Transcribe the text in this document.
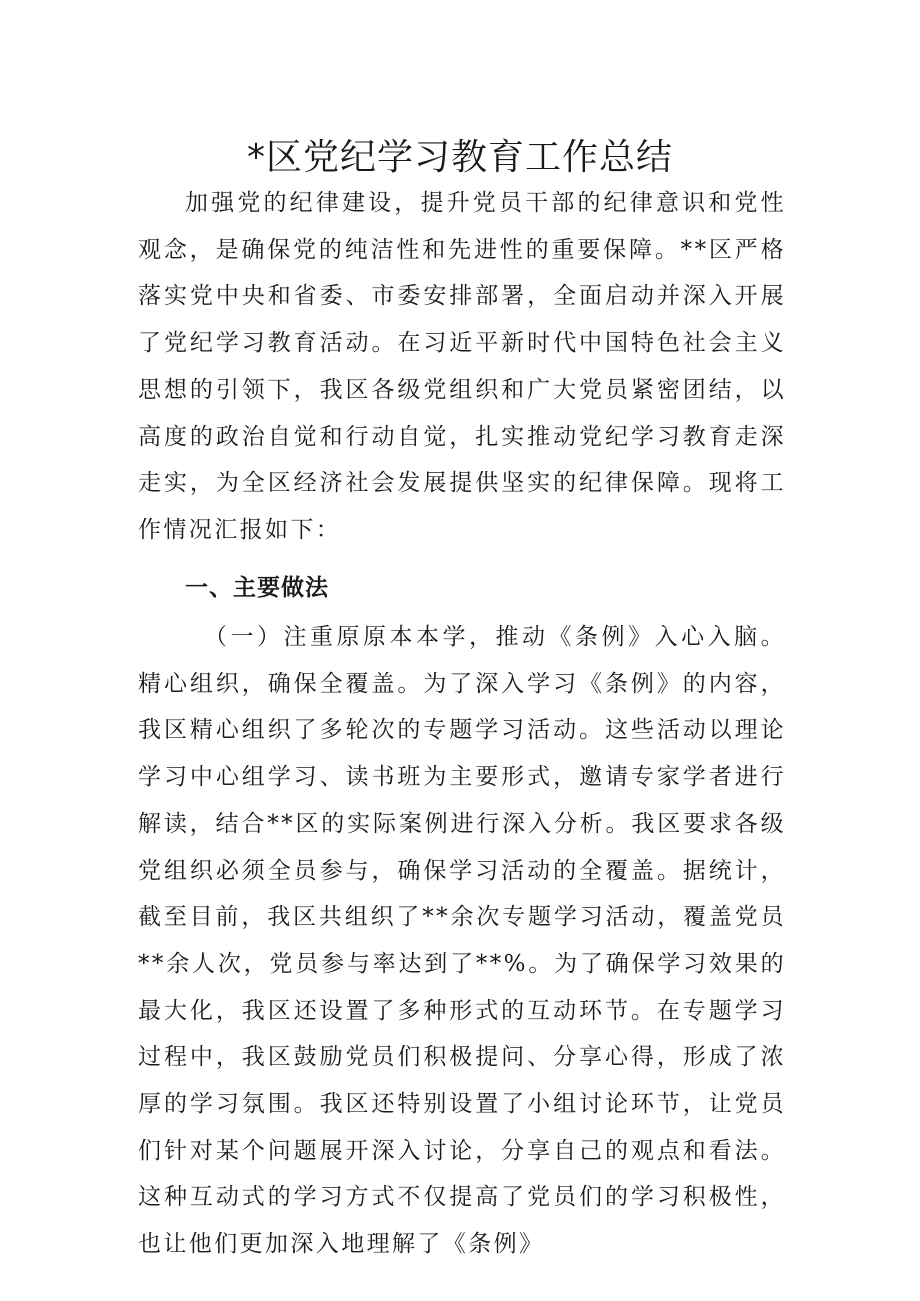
*区党纪学习教育工作总结

加强党的纪律建设，提升党员干部的纪律意识和党性观念，是确保党的纯洁性和先进性的重要保障。**区严格落实党中央和省委、市委安排部署，全面启动并深入开展了党纪学习教育活动。在习近平新时代中国特色社会主义思想的引领下，我区各级党组织和广大党员紧密团结，以高度的政治自觉和行动自觉，扎实推动党纪学习教育走深走实，为全区经济社会发展提供坚实的纪律保障。现将工作情况汇报如下：

一、主要做法

（一）注重原原本本学，推动《条例》入心入脑。精心组织，确保全覆盖。为了深入学习《条例》的内容，我区精心组织了多轮次的专题学习活动。这些活动以理论学习中心组学习、读书班为主要形式，邀请专家学者进行解读，结合**区的实际案例进行深入分析。我区要求各级党组织必须全员参与，确保学习活动的全覆盖。据统计，截至目前，我区共组织了**余次专题学习活动，覆盖党员**余人次，党员参与率达到了**%。为了确保学习效果的最大化，我区还设置了多种形式的互动环节。在专题学习过程中，我区鼓励党员们积极提问、分享心得，形成了浓厚的学习氛围。我区还特别设置了小组讨论环节，让党员们针对某个问题展开深入讨论，分享自己的观点和看法。这种互动式的学习方式不仅提高了党员们的学习积极性，也让他们更加深入地理解了《条例》
